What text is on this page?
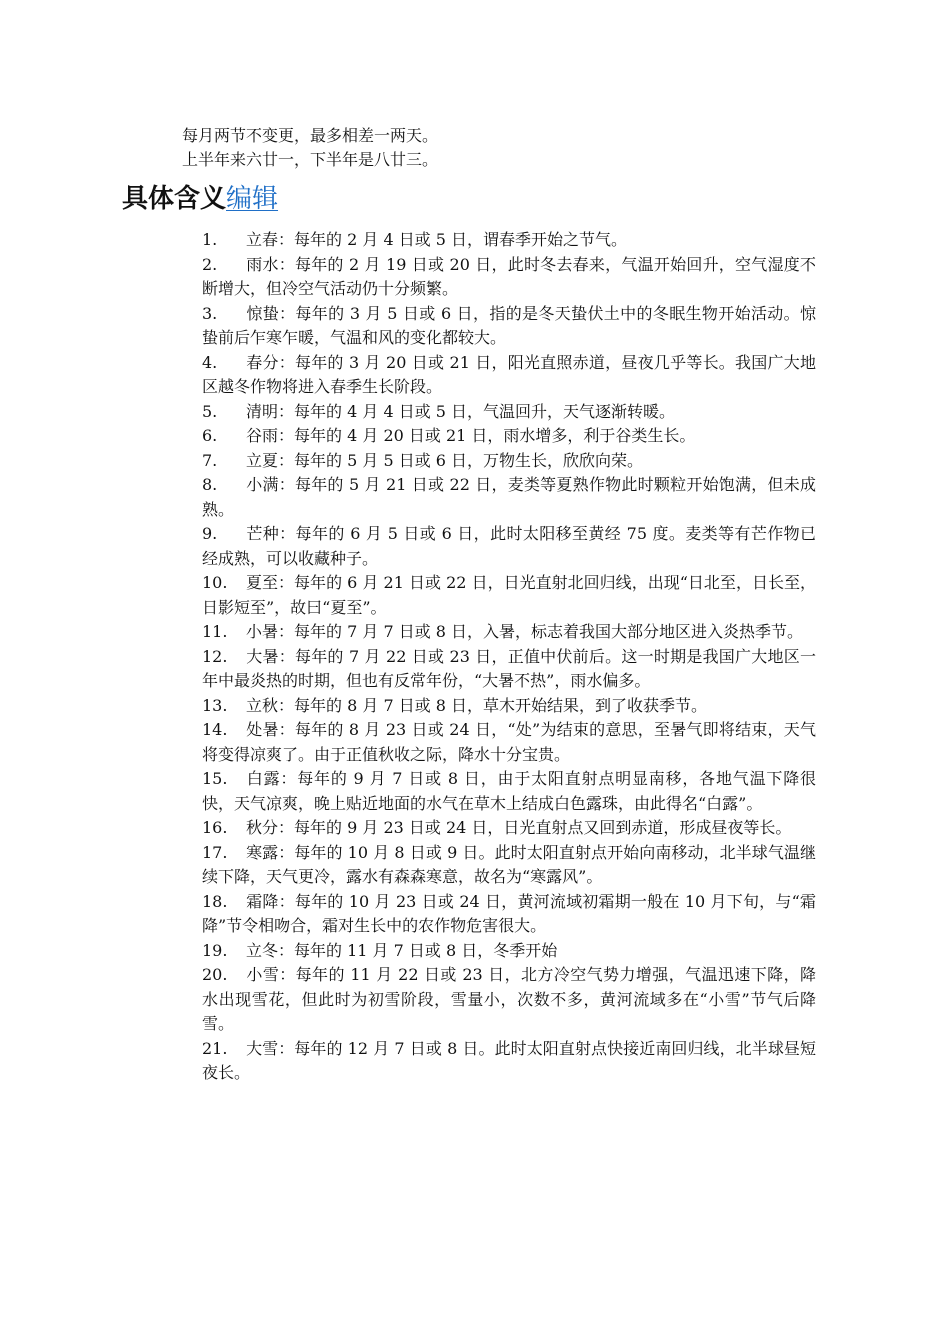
每月两节不变更，最多相差一两天。
上半年来六廿一，下半年是八廿三。
具体含义编辑
1. 立春：每年的 2 月 4 日或 5 日，谓春季开始之节气。
2. 雨水：每年的 2 月 19 日或 20 日，此时冬去春来，气温开始回升，空气湿度不断增大，但冷空气活动仍十分频繁。
3. 惊蛰：每年的 3 月 5 日或 6 日，指的是冬天蛰伏土中的冬眠生物开始活动。惊蛰前后乍寒乍暖，气温和风的变化都较大。
4. 春分：每年的 3 月 20 日或 21 日，阳光直照赤道，昼夜几乎等长。我国广大地区越冬作物将进入春季生长阶段。
5. 清明：每年的 4 月 4 日或 5 日，气温回升，天气逐渐转暖。
6. 谷雨：每年的 4 月 20 日或 21 日，雨水增多，利于谷类生长。
7. 立夏：每年的 5 月 5 日或 6 日，万物生长，欣欣向荣。
8. 小满：每年的 5 月 21 日或 22 日，麦类等夏熟作物此时颗粒开始饱满，但未成熟。
9. 芒种：每年的 6 月 5 日或 6 日，此时太阳移至黄经 75 度。麦类等有芒作物已经成熟，可以收藏种子。
10. 夏至：每年的 6 月 21 日或 22 日，日光直射北回归线，出现“日北至，日长至，日影短至”，故曰“夏至”。
11. 小暑：每年的 7 月 7 日或 8 日，入暑，标志着我国大部分地区进入炎热季节。
12. 大暑：每年的 7 月 22 日或 23 日，正值中伏前后。这一时期是我国广大地区一年中最炎热的时期，但也有反常年份，“大暑不热”，雨水偏多。
13. 立秋：每年的 8 月 7 日或 8 日，草木开始结果，到了收获季节。
14. 处暑：每年的 8 月 23 日或 24 日，“处”为结束的意思，至暑气即将结束，天气将变得凉爽了。由于正值秋收之际，降水十分宝贵。
15. 白露：每年的 9 月 7 日或 8 日，由于太阳直射点明显南移，各地气温下降很快，天气凉爽，晚上贴近地面的水气在草木上结成白色露珠，由此得名“白露”。
16. 秋分：每年的 9 月 23 日或 24 日，日光直射点又回到赤道，形成昼夜等长。
17. 寒露：每年的 10 月 8 日或 9 日。此时太阳直射点开始向南移动，北半球气温继续下降，天气更冷，露水有森森寒意，故名为“寒露风”。
18. 霜降：每年的 10 月 23 日或 24 日，黄河流域初霜期一般在 10 月下旬，与“霜降”节令相吻合，霜对生长中的农作物危害很大。
19. 立冬：每年的 11 月 7 日或 8 日，冬季开始
20. 小雪：每年的 11 月 22 日或 23 日，北方冷空气势力增强，气温迅速下降，降水出现雪花，但此时为初雪阶段，雪量小，次数不多，黄河流域多在“小雪”节气后降雪。
21. 大雪：每年的 12 月 7 日或 8 日。此时太阳直射点快接近南回归线，北半球昼短夜长。
